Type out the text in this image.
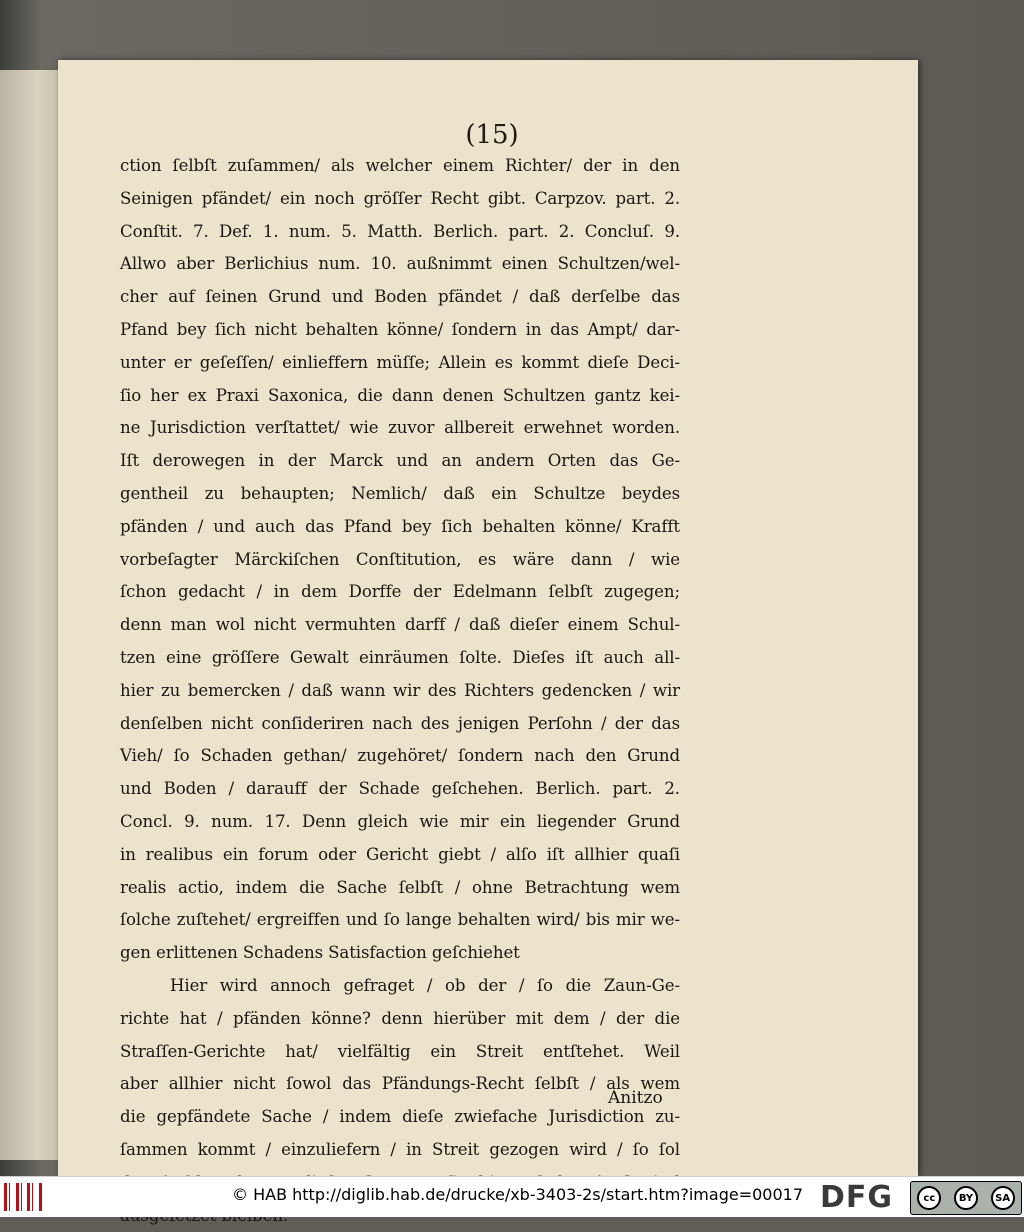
(15)
ction ſelbſt zuſammen/ als welcher einem Richter/ der in den
Seinigen pfändet/ ein noch gröſſer Recht gibt. Carpzov. part. 2.
Conſtit. 7. Def. 1. num. 5. Matth. Berlich. part. 2. Concluſ. 9.
Allwo aber Berlichius num. 10. außnimmt einen Schultzen/wel-
cher auf ſeinen Grund und Boden pfändet / daß derſelbe das
Pfand bey ſich nicht behalten könne/ ſondern in das Ampt/ dar-
unter er geſeſſen/ einlieffern müſſe; Allein es kommt dieſe Deci-
ſio her ex Praxi Saxonica, die dann denen Schultzen gantz kei-
ne Jurisdiction verſtattet/ wie zuvor allbereit erwehnet worden.
Iſt derowegen in der Marck und an andern Orten das Ge-
gentheil zu behaupten; Nemlich/ daß ein Schultze beydes
pfänden / und auch das Pfand bey ſich behalten könne/ Krafft
vorbeſagter Märckiſchen Conſtitution, es wäre dann / wie
ſchon gedacht / in dem Dorffe der Edelmann ſelbſt zugegen;
denn man wol nicht vermuhten darff / daß dieſer einem Schul-
tzen eine gröſſere Gewalt einräumen ſolte. Dieſes iſt auch all-
hier zu bemercken / daß wann wir des Richters gedencken / wir
denſelben nicht conſideriren nach des jenigen Perſohn / der das
Vieh/ ſo Schaden gethan/ zugehöret/ ſondern nach den Grund
und Boden / darauff der Schade geſchehen. Berlich. part. 2.
Concl. 9. num. 17. Denn gleich wie mir ein liegender Grund
in realibus ein forum oder Gericht giebt / alſo iſt allhier quaſi
realis actio, indem die Sache ſelbſt / ohne Betrachtung wem
ſolche zuſtehet/ ergreiffen und ſo lange behalten wird/ bis mir we-
gen erlittenen Schadens Satisfaction geſchiehet
Hier wird annoch gefraget / ob der / ſo die Zaun-Ge-
richte hat / pfänden könne? denn hierüber mit dem / der die
Straſſen-Gerichte hat/ vielfältig ein Streit entſtehet. Weil
aber allhier nicht ſowol das Pfändungs-Recht ſelbſt / als wem
die gepfändete Sache / indem dieſe zwiefache Jurisdiction zu-
ſammen kommt / einzuliefern / in Streit gezogen wird / ſo ſol
Anitzo
© HAB http://diglib.hab.de/drucke/xb-3403-2s/start.htm?image=00017 DFG	cc	BY	SA
